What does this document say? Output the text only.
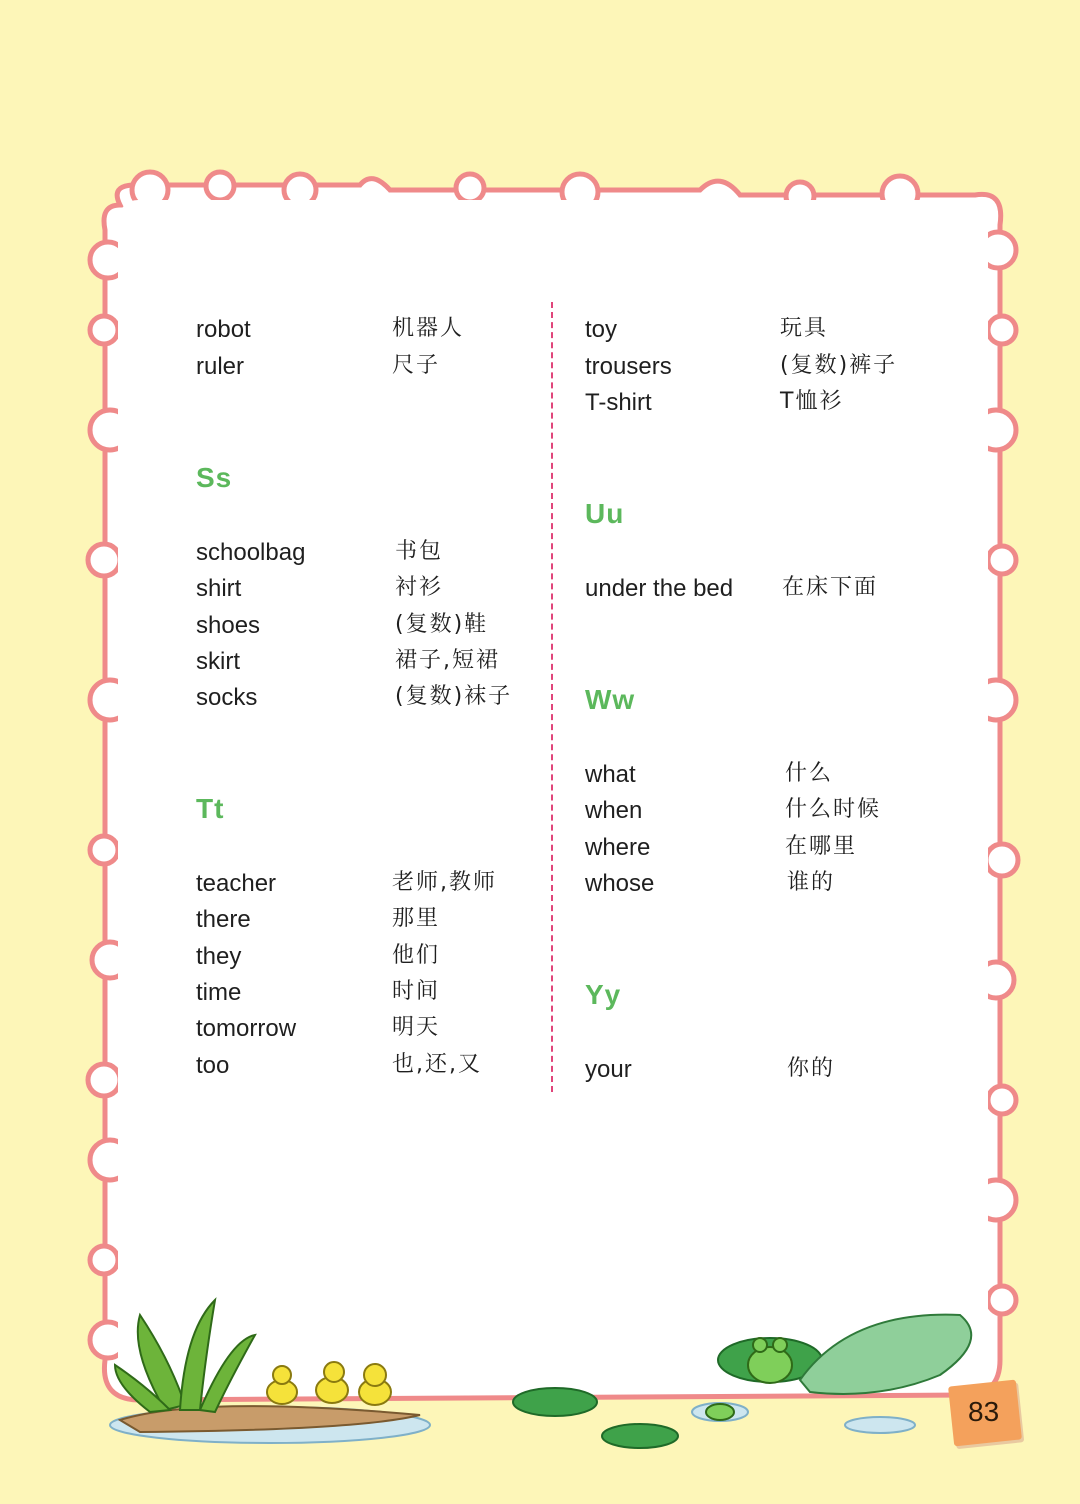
robot	机器人
ruler	尺子
Ss
schoolbag	书包
shirt	衬衫
shoes	(复数)鞋
skirt	裙子,短裙
socks	(复数)袜子
Tt
teacher	老师,教师
there	那里
they	他们
time	时间
tomorrow	明天
too	也,还,又
toy	玩具
trousers	(复数)裤子
T-shirt	T恤衫
Uu
under the bed 在床下面
Ww
what	什么
when	什么时候
where	在哪里
whose	谁的
Yy
your	你的
83
